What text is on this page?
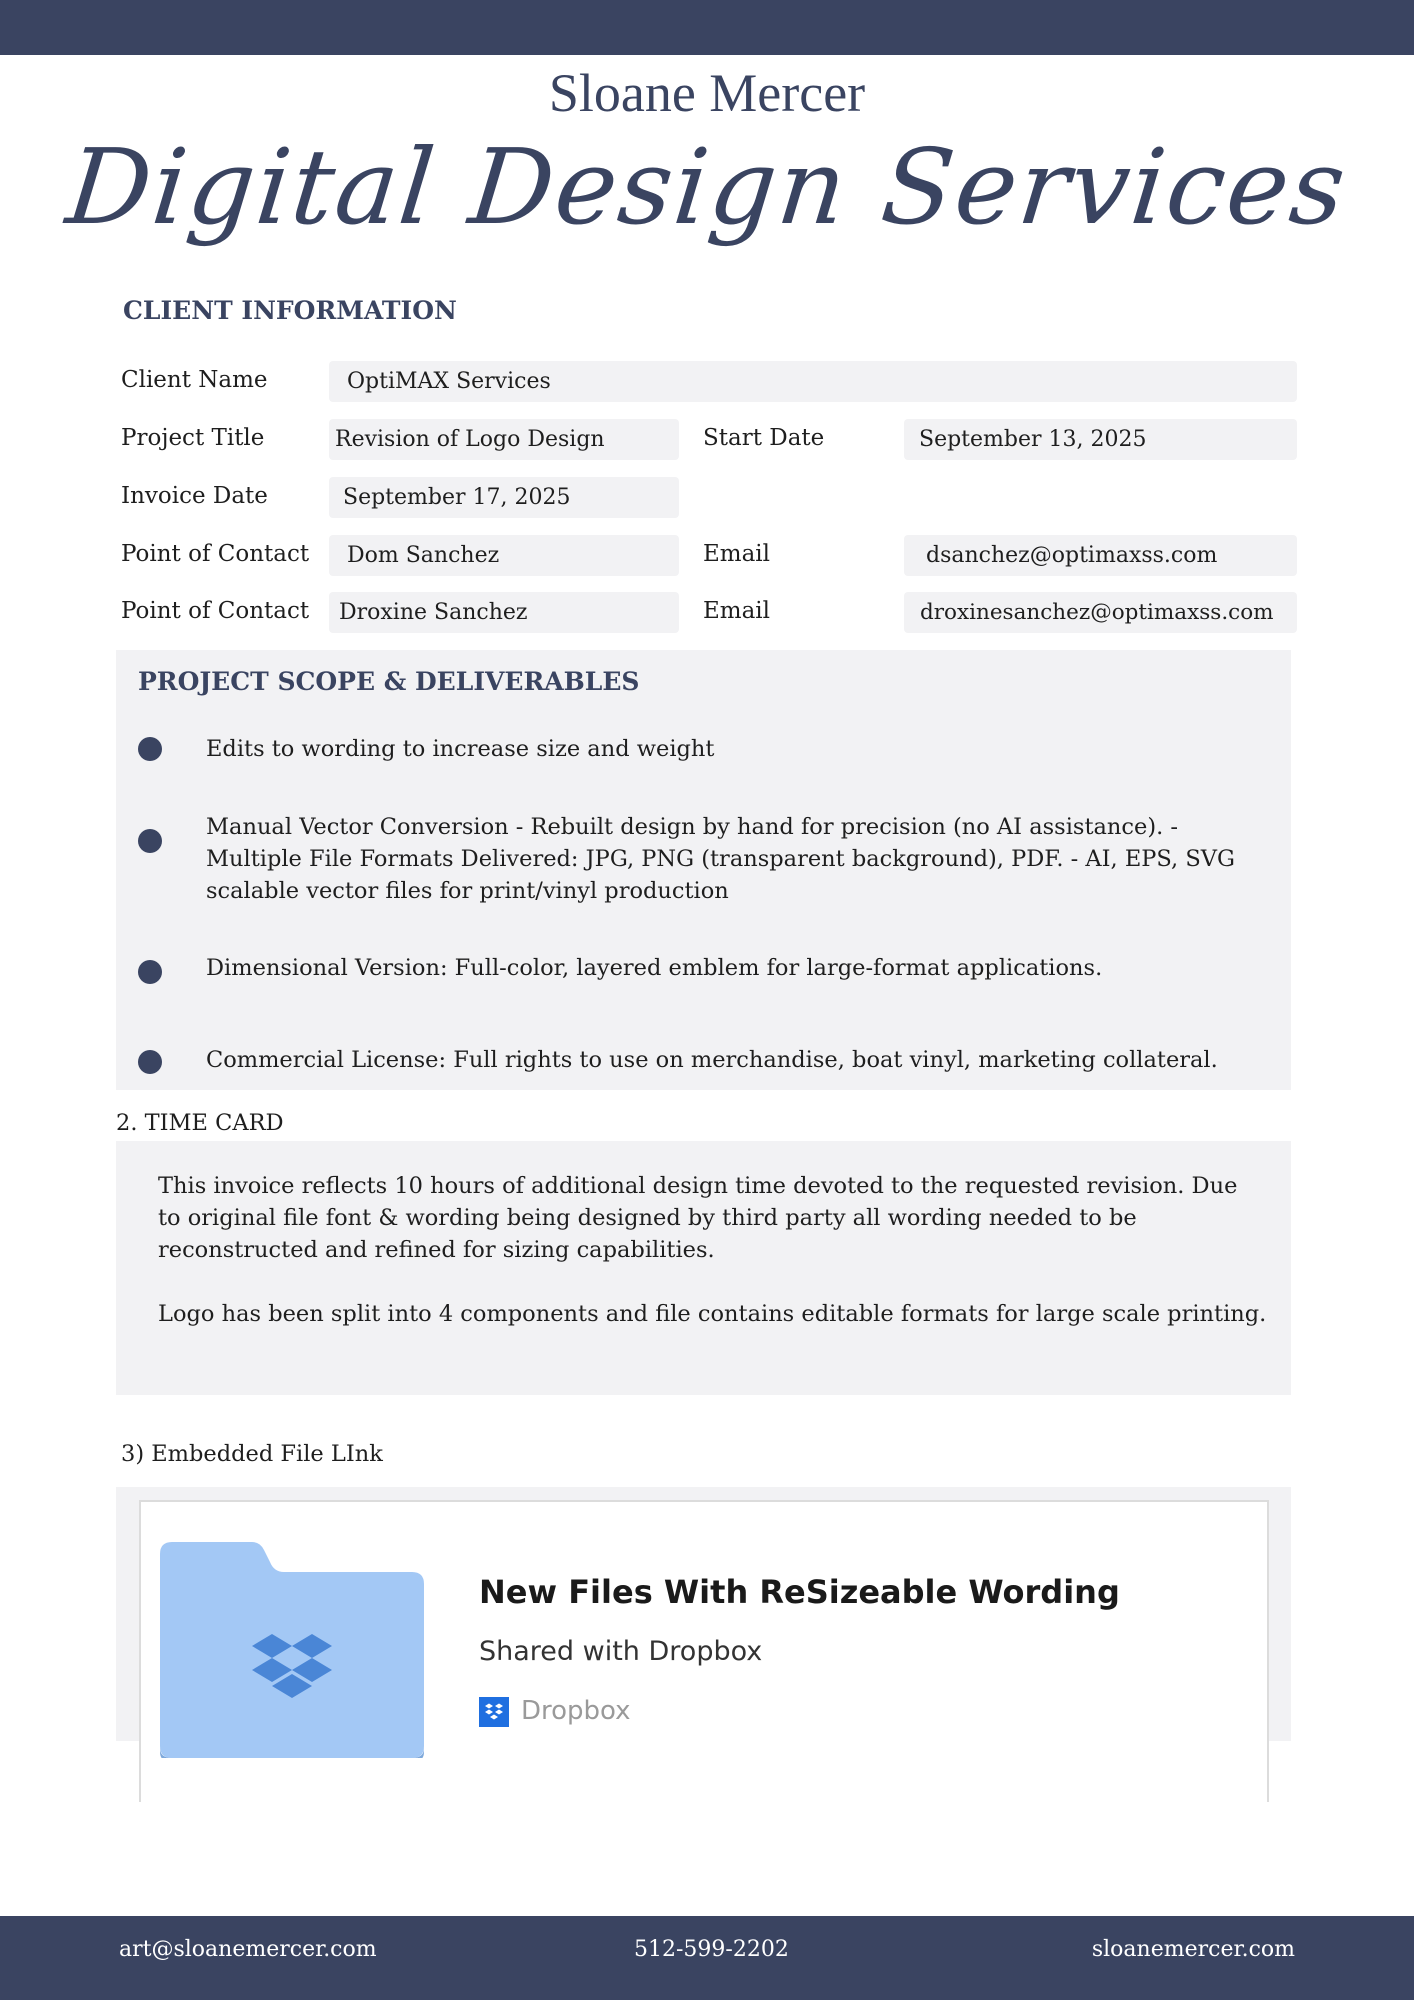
Sloane Mercer
Digital Design Services
CLIENT INFORMATION
Client Name	OptiMAX Services
Project Title	Revision of Logo Design	Start Date	September 13, 2025
Invoice Date	September 17, 2025
Point of Contact	Dom Sanchez	Email	dsanchez@optimaxss.com
Point of Contact	Droxine Sanchez	Email	droxinesanchez@optimaxss.com
PROJECT SCOPE & DELIVERABLES
Edits to wording to increase size and weight
Manual Vector Conversion - Rebuilt design by hand for precision (no AI assistance). - Multiple File Formats Delivered: JPG, PNG (transparent background), PDF. - AI, EPS, SVG scalable vector files for print/vinyl production
Dimensional Version: Full-color, layered emblem for large-format applications.
Commercial License: Full rights to use on merchandise, boat vinyl, marketing collateral.
2. TIME CARD
This invoice reflects 10 hours of additional design time devoted to the requested revision. Due to original file font & wording being designed by third party all wording needed to be reconstructed and refined for sizing capabilities.
Logo has been split into 4 components and file contains editable formats for large scale printing.
3) Embedded File LInk
New Files With ReSizeable Wording
Shared with Dropbox
Dropbox
art@sloanemercer.com	512-599-2202	sloanemercer.com
